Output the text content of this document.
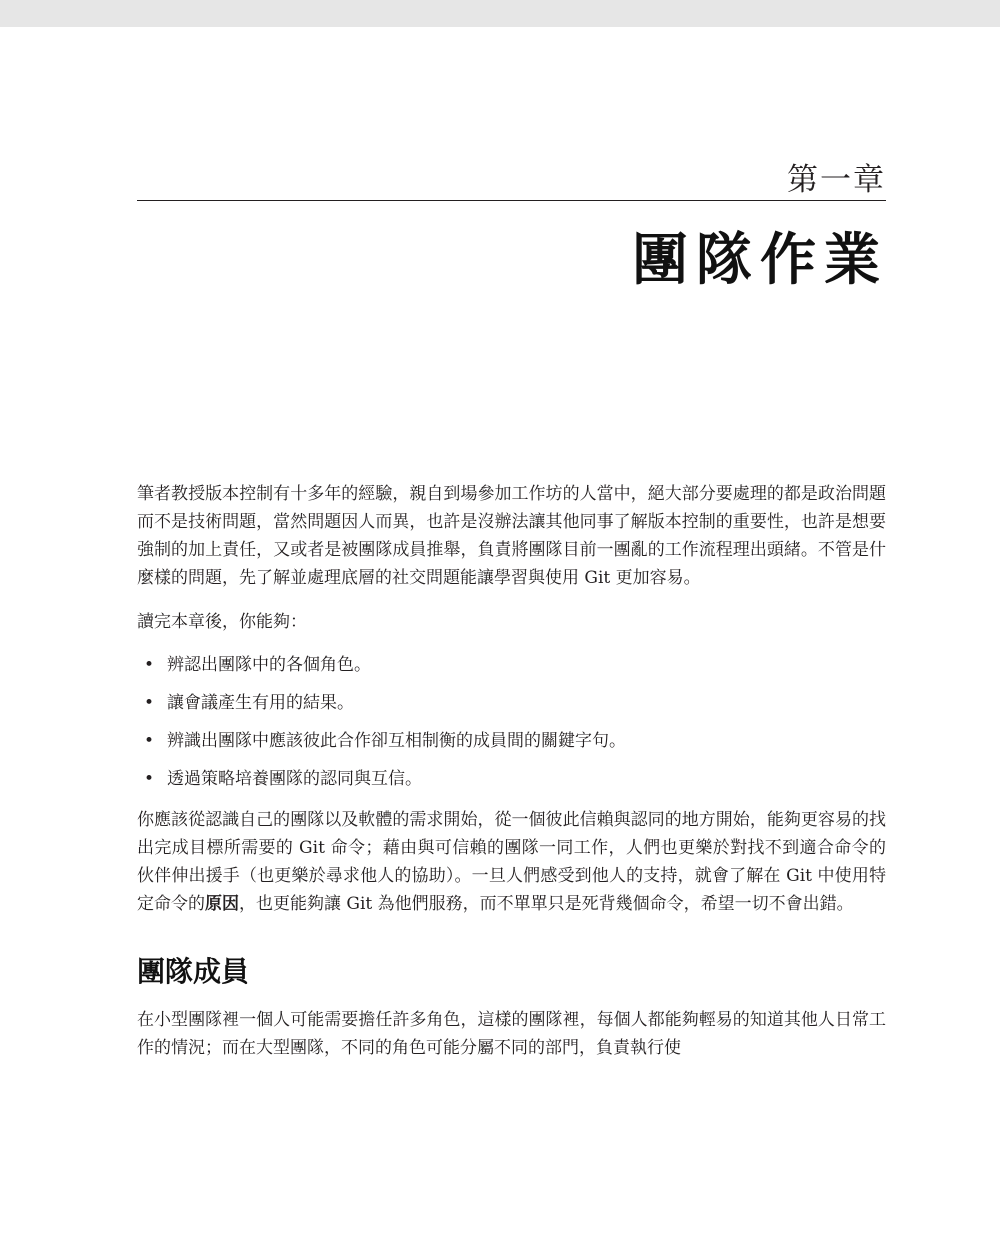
第一章
團隊作業

筆者教授版本控制有十多年的經驗，親自到場參加工作坊的人當中，絕大部分要處理的都是政治問題而不是技術問題，當然問題因人而異，也許是沒辦法讓其他同事了解版本控制的重要性，也許是想要強制的加上責任，又或者是被團隊成員推舉，負責將團隊目前一團亂的工作流程理出頭緒。不管是什麼樣的問題，先了解並處理底層的社交問題能讓學習與使用 Git 更加容易。

讀完本章後，你能夠：

• 辨認出團隊中的各個角色。
• 讓會議產生有用的結果。
• 辨識出團隊中應該彼此合作卻互相制衡的成員間的關鍵字句。
• 透過策略培養團隊的認同與互信。

你應該從認識自己的團隊以及軟體的需求開始，從一個彼此信賴與認同的地方開始，能夠更容易的找出完成目標所需要的 Git 命令；藉由與可信賴的團隊一同工作，人們也更樂於對找不到適合命令的伙伴伸出援手（也更樂於尋求他人的協助）。一旦人們感受到他人的支持，就會了解在 Git 中使用特定命令的原因，也更能夠讓 Git 為他們服務，而不單單只是死背幾個命令，希望一切不會出錯。

團隊成員

在小型團隊裡一個人可能需要擔任許多角色，這樣的團隊裡，每個人都能夠輕易的知道其他人日常工作的情況；而在大型團隊，不同的角色可能分屬不同的部門，負責執行使
